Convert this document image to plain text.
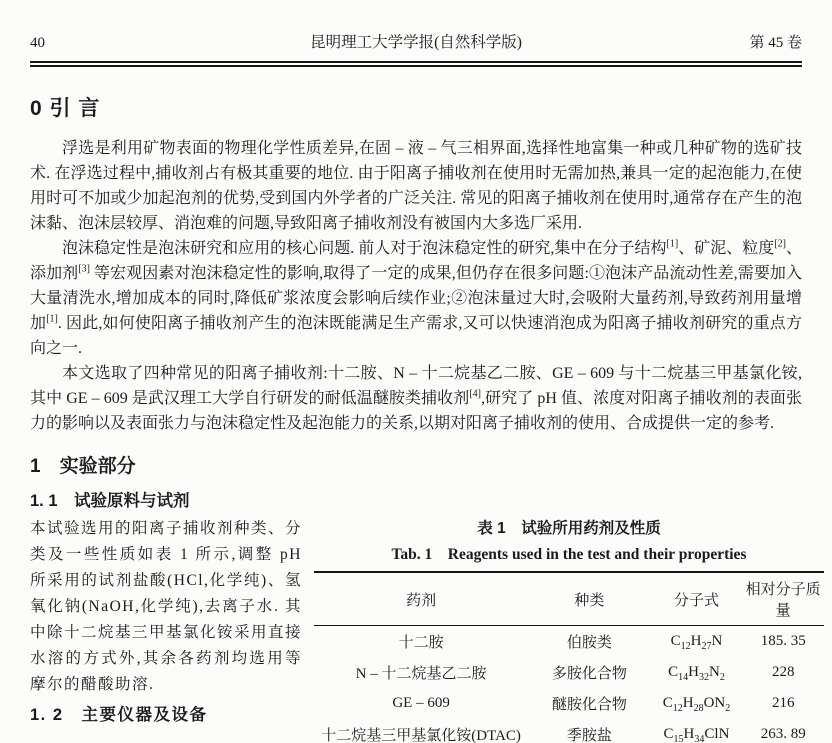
40	昆明理工大学学报(自然科学版)	第 45 卷
0 引 言

浮选是利用矿物表面的物理化学性质差异,在固 – 液 – 气三相界面,选择性地富集一种或几种矿物的选矿技术. 在浮选过程中,捕收剂占有极其重要的地位. 由于阳离子捕收剂在使用时无需加热,兼具一定的起泡能力,在使用时可不加或少加起泡剂的优势,受到国内外学者的广泛关注. 常见的阳离子捕收剂在使用时,通常存在产生的泡沫黏、泡沫层较厚、消泡难的问题,导致阳离子捕收剂没有被国内大多选厂采用.

泡沫稳定性是泡沫研究和应用的核心问题. 前人对于泡沫稳定性的研究,集中在分子结构[1]、矿泥、粒度[2]、添加剂[3] 等宏观因素对泡沫稳定性的影响,取得了一定的成果,但仍存在很多问题:①泡沫产品流动性差,需要加入大量清洗水,增加成本的同时,降低矿浆浓度会影响后续作业;②泡沫量过大时,会吸附大量药剂,导致药剂用量增加[1]. 因此,如何使阳离子捕收剂产生的泡沫既能满足生产需求,又可以快速消泡成为阳离子捕收剂研究的重点方向之一.

本文选取了四种常见的阳离子捕收剂:十二胺、N – 十二烷基乙二胺、GE – 609 与十二烷基三甲基氯化铵,其中 GE – 609 是武汉理工大学自行研发的耐低温醚胺类捕收剂[4],研究了 pH 值、浓度对阳离子捕收剂的表面张力的影响以及表面张力与泡沫稳定性及起泡能力的关系,以期对阳离子捕收剂的使用、合成提供一定的参考.

1　实验部分
1. 1　试验原料与试剂

本试验选用的阳离子捕收剂种类、分类及一些性质如表 1 所示,调整 pH 所采用的试剂盐酸(HCl,化学纯)、氢氧化钠(NaOH,化学纯),去离子水. 其中除十二烷基三甲基氯化铵采用直接水溶的方式外,其余各药剂均选用等摩尔的醋酸助溶.

1. 2　主要仪器及设备
表 1　试验所用药剂及性质
Tab. 1　Reagents used in the test and their properties
药剂	种类	分子式	相对分子质量
十二胺	伯胺类	$C_{12}H_{27}N$	185. 35
N – 十二烷基乙二胺	多胺化合物	$C_{14}H_{32}N_2$	228
GE – 609	醚胺化合物	$C_{12}H_{28}ON_2$	216
十二烷基三甲基氯化铵(DTAC)	季胺盐	$C_{15}H_{34}ClN$	263. 89
